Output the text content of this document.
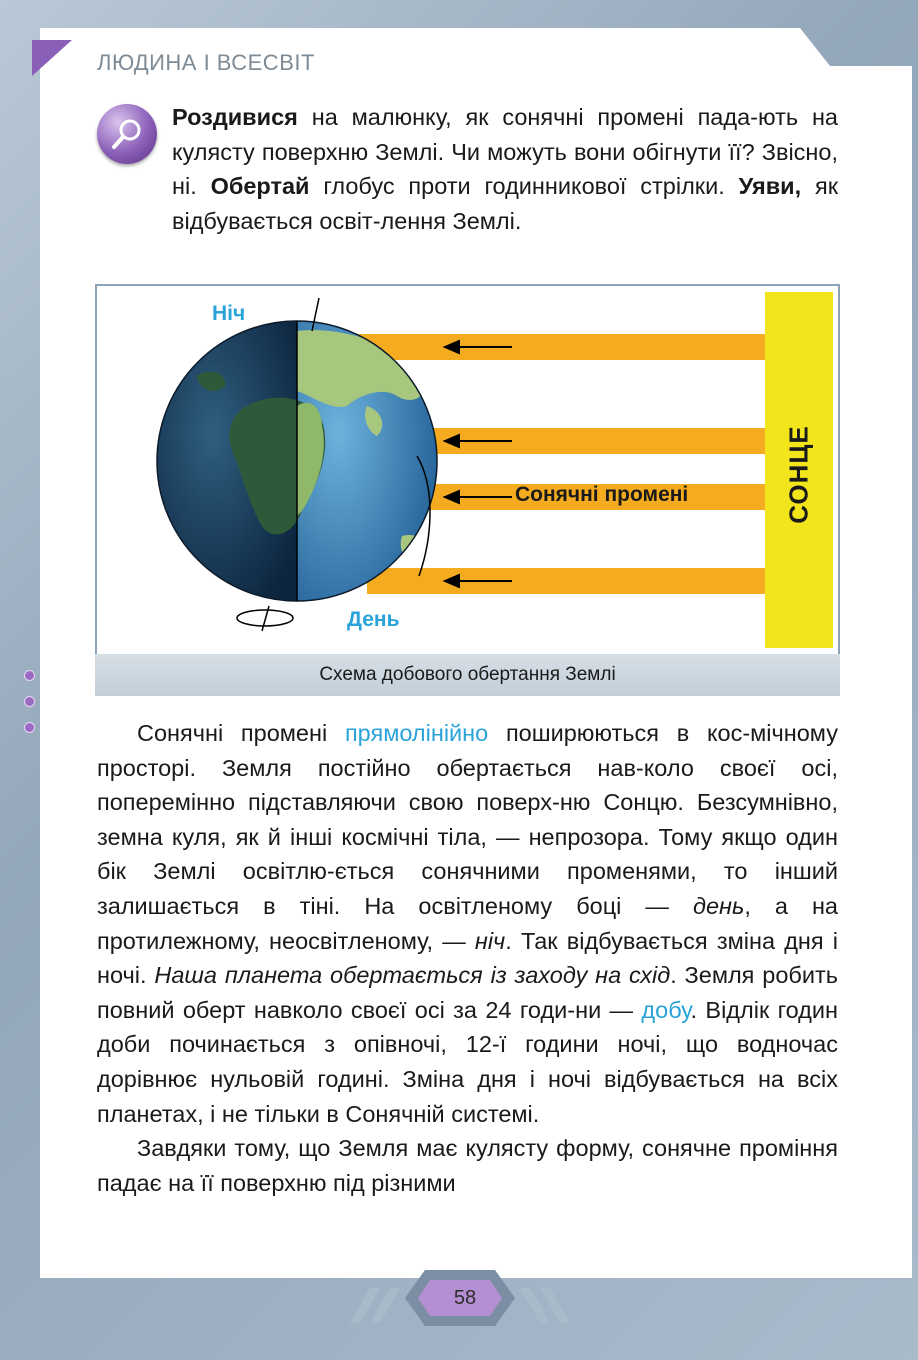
ЛЮДИНА І ВСЕСВІТ

Роздивися на малюнку, як сонячні промені пада-ють на кулясту поверхню Землі. Чи можуть вони обігнути її? Звісно, ні. Обертай глобус проти годинникової стрілки. Уяви, як відбувається освіт-лення Землі.

СОНЦЕ
Сонячні промені
Ніч
День
Схема добового обертання Землі

Сонячні промені прямолінійно поширюються в кос-мічному просторі. Земля постійно обертається нав-коло своєї осі, поперемінно підставляючи свою поверх-ню Сонцю. Безсумнівно, земна куля, як й інші космічні тіла, — непрозора. Тому якщо один бік Землі освітлю-ється сонячними променями, то інший залишається в тіні. На освітленому боці — день, а на протилежному, неосвітленому, — ніч. Так відбувається зміна дня і ночі. Наша планета обертається із заходу на схід. Земля робить повний оберт навколо своєї осі за 24 годи-ни — добу. Відлік годин доби починається з опівночі, 12-ї години ночі, що водночас дорівнює нульовій годині. Зміна дня і ночі відбувається на всіх планетах, і не тільки в Сонячній системі.

Завдяки тому, що Земля має кулясту форму, сонячне проміння падає на її поверхню під різними

58
